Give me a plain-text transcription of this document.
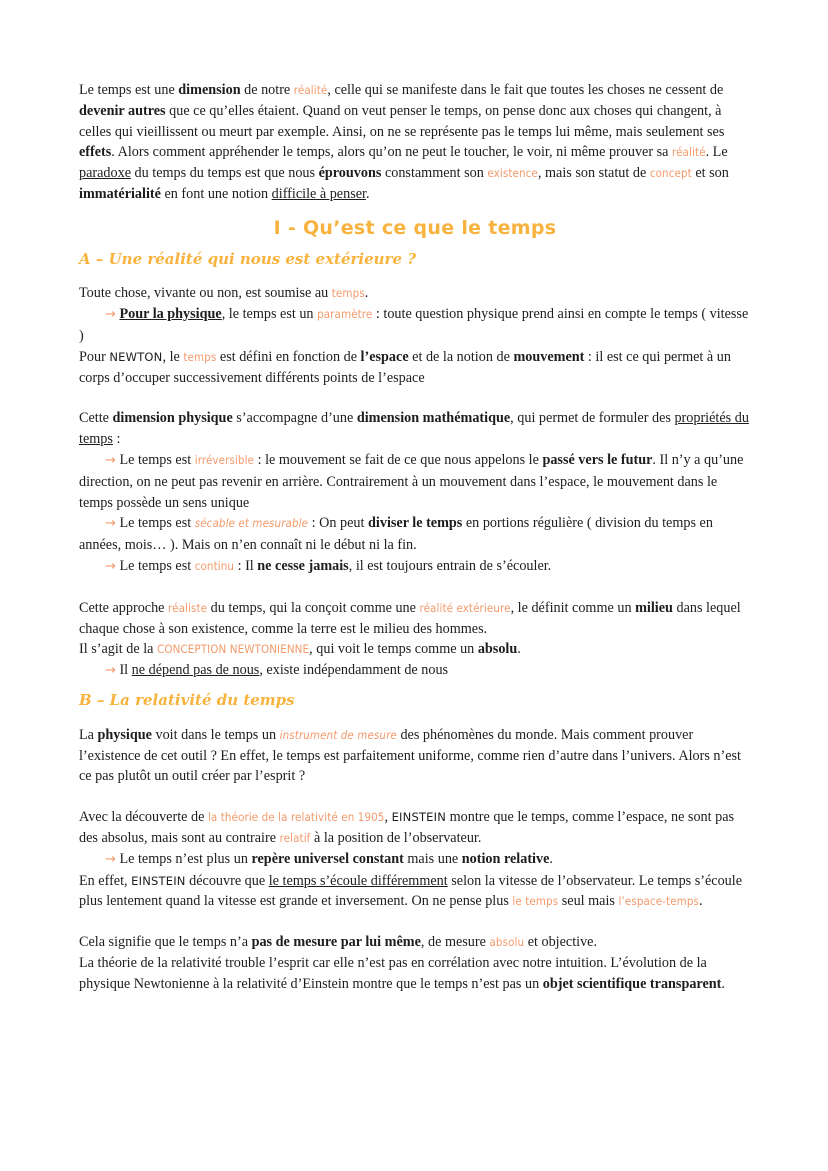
Le temps est une dimension de notre réalité, celle qui se manifeste dans le fait que toutes les choses ne cessent de devenir autres que ce qu’elles étaient. Quand on veut penser le temps, on pense donc aux choses qui changent, à celles qui vieillissent ou meurt par exemple. Ainsi, on ne se représente pas le temps lui même, mais seulement ses effets. Alors comment appréhender le temps, alors qu’on ne peut le toucher, le voir, ni même prouver sa réalité. Le paradoxe du temps du temps est que nous éprouvons constamment son existence, mais son statut de concept et son immatérialité en font une notion difficile à penser.

I - Qu’est ce que le temps
A – Une réalité qui nous est extérieure ?

Toute chose, vivante ou non, est soumise au temps.

→ Pour la physique, le temps est un paramètre : toute question physique prend ainsi en compte le temps ( vitesse )

Pour NEWTON, le temps est défini en fonction de l’espace et de la notion de mouvement : il est ce qui permet à un corps d’occuper successivement différents points de l’espace

Cette dimension physique s’accompagne d’une dimension mathématique, qui permet de formuler des propriétés du temps :

→ Le temps est irréversible : le mouvement se fait de ce que nous appelons le passé vers le futur. Il n’y a qu’une direction, on ne peut pas revenir en arrière. Contrairement à un mouvement dans l’espace, le mouvement dans le temps possède un sens unique

→ Le temps est sécable et mesurable : On peut diviser le temps en portions régulière ( division du temps en années, mois… ). Mais on n’en connaît ni le début ni la fin.

→ Le temps est continu : Il ne cesse jamais, il est toujours entrain de s’écouler.

Cette approche réaliste du temps, qui la conçoit comme une réalité extérieure, le définit comme un milieu dans lequel chaque chose à son existence, comme la terre est le milieu des hommes.

Il s’agit de la CONCEPTION NEWTONIENNE, qui voit le temps comme un absolu.

→ Il ne dépend pas de nous, existe indépendamment de nous

B – La relativité du temps

La physique voit dans le temps un instrument de mesure des phénomènes du monde. Mais comment prouver l’existence de cet outil ? En effet, le temps est parfaitement uniforme, comme rien d’autre dans l’univers. Alors n’est ce pas plutôt un outil créer par l’esprit ?

Avec la découverte de la théorie de la relativité en 1905, EINSTEIN montre que le temps, comme l’espace, ne sont pas des absolus, mais sont au contraire relatif à la position de l’observateur.

→ Le temps n’est plus un repère universel constant mais une notion relative.

En effet, EINSTEIN découvre que le temps s’écoule différemment selon la vitesse de l’observateur. Le temps s’écoule plus lentement quand la vitesse est grande et inversement. On ne pense plus le temps seul mais l’espace-temps.

Cela signifie que le temps n’a pas de mesure par lui même, de mesure absolu et objective.

La théorie de la relativité trouble l’esprit car elle n’est pas en corrélation avec notre intuition. L’évolution de la physique Newtonienne à la relativité d’Einstein montre que le temps n’est pas un objet scientifique transparent.
